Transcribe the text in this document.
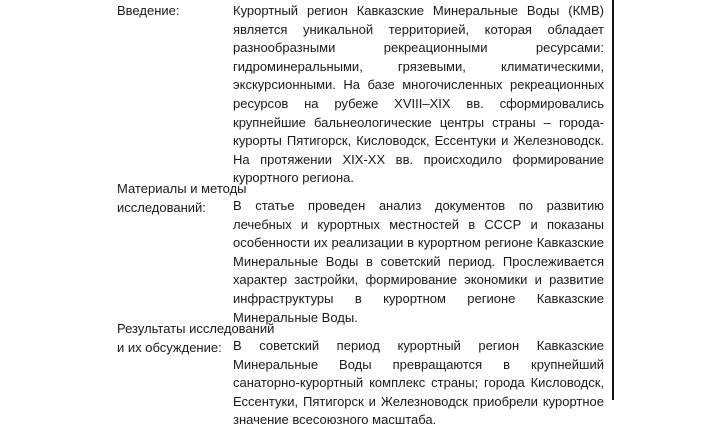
Введение:	Курортный регион Кавказские Минеральные Воды (КМВ) является уникальной территорией, которая обладает разнообразными рекреационными ресурсами: гидроминеральными, грязевыми, климатическими, экскурсионными. На базе многочисленных рекреационных ресурсов на рубеже XVIII–XIX вв. сформировались крупнейшие бальнеологические центры страны – города-курорты Пятигорск, Кисловодск, Ессентуки и Железноводск. На протяжении XIX-XX вв. происходило формирование курортного региона.
Материалы и методы
исследований:	В статье проведен анализ документов по развитию лечебных и курортных местностей в СССР и показаны особенности их реализации в курортном регионе Кавказские Минеральные Воды в советский период. Прослеживается характер застройки, формирование экономики и развитие инфраструктуры в курортном регионе Кавказские Минеральные Воды.
Результаты исследований
и их обсуждение: В советский период курортный регион Кавказские Минеральные Воды превращаются в крупнейший санаторно-курортный комплекс страны; города Кисловодск, Ессентуки, Пятигорск и Железноводск приобрели курортное значение всесоюзного масштаба.
